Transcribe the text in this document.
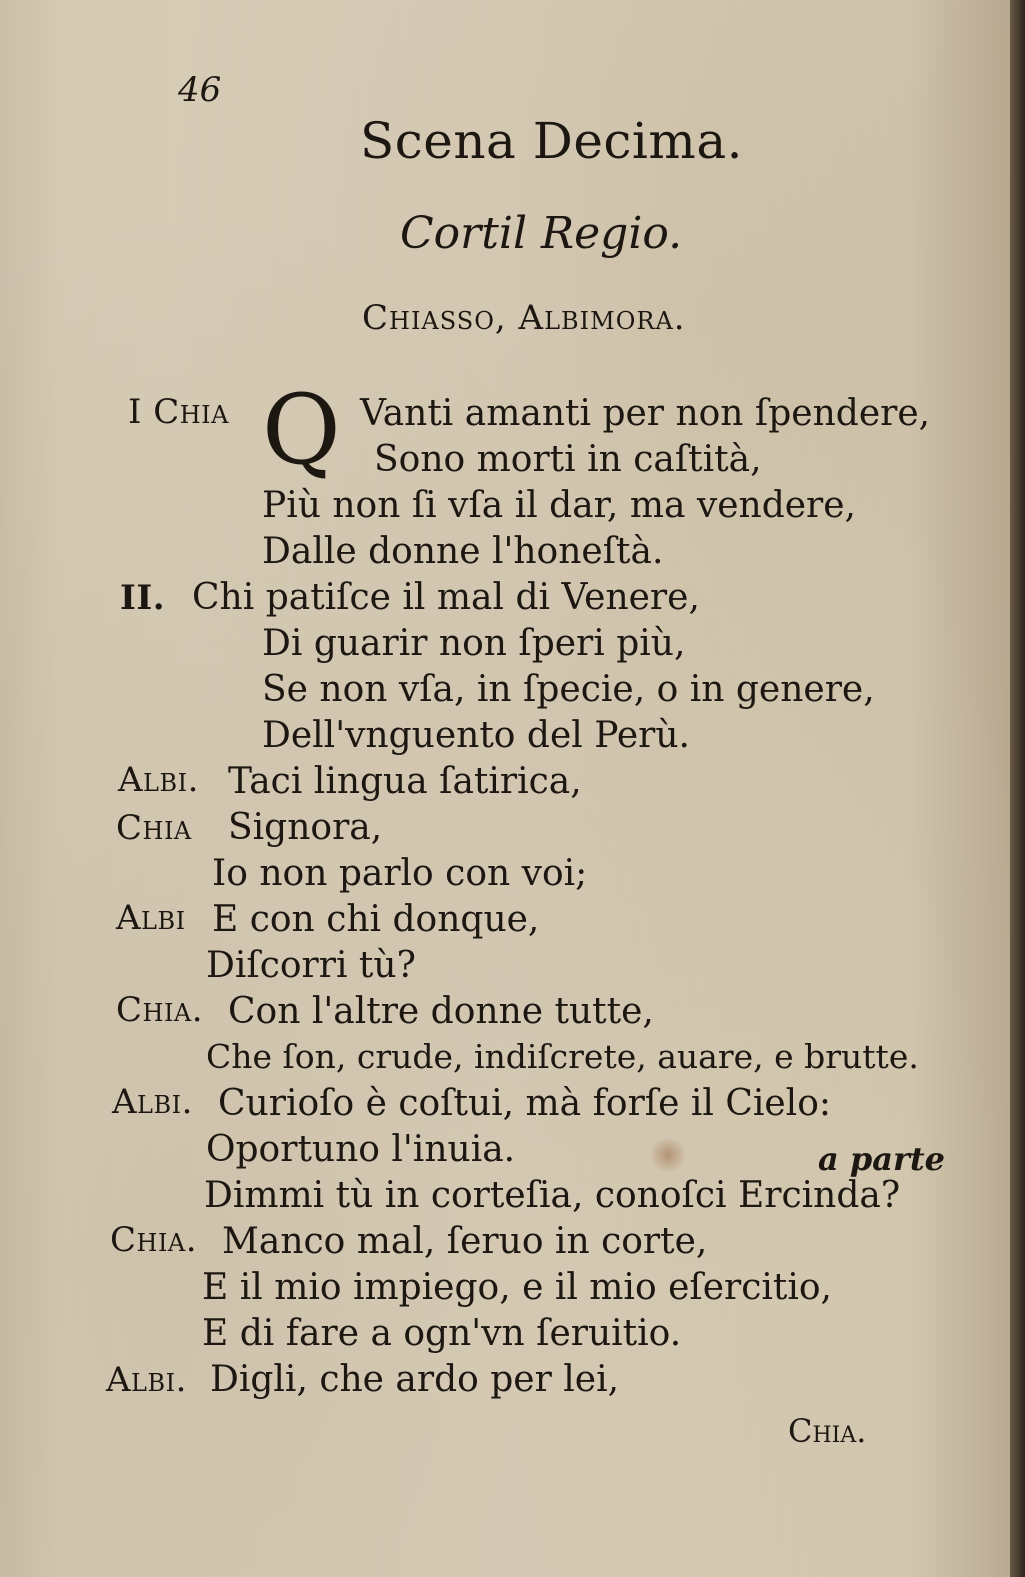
46
Scena Decima.
Cortil Regio.
Chiasso, Albimora.
Q
I Chia
II.
Albi.
Chia
Albi
Chia.
Albi.
Chia.
Albi.
Vanti amanti per non ſpendere,
Sono morti in caſtità,
Più non ſi vſa il dar, ma vendere,
Dalle donne l'honeſtà.
Chi patiſce il mal di Venere,
Di guarir non ſperi più,
Se non vſa, in ſpecie, o in genere,
Dell'vnguento del Perù.
Taci lingua ſatirica,
Signora,
Io non parlo con voi;
E con chi donque,
Diſcorri tù?
Con l'altre donne tutte,
Che ſon, crude, indiſcrete, auare, e brutte.
Curioſo è coſtui, mà forſe il Cielo:
Oportuno l'inuia.
Dimmi tù in corteſia, conoſci Ercinda?
Manco mal, ſeruo in corte,
E il mio impiego, e il mio eſercitio,
E di fare a ogn'vn ſeruitio.
Digli, che ardo per lei,
a parte
Chia.
